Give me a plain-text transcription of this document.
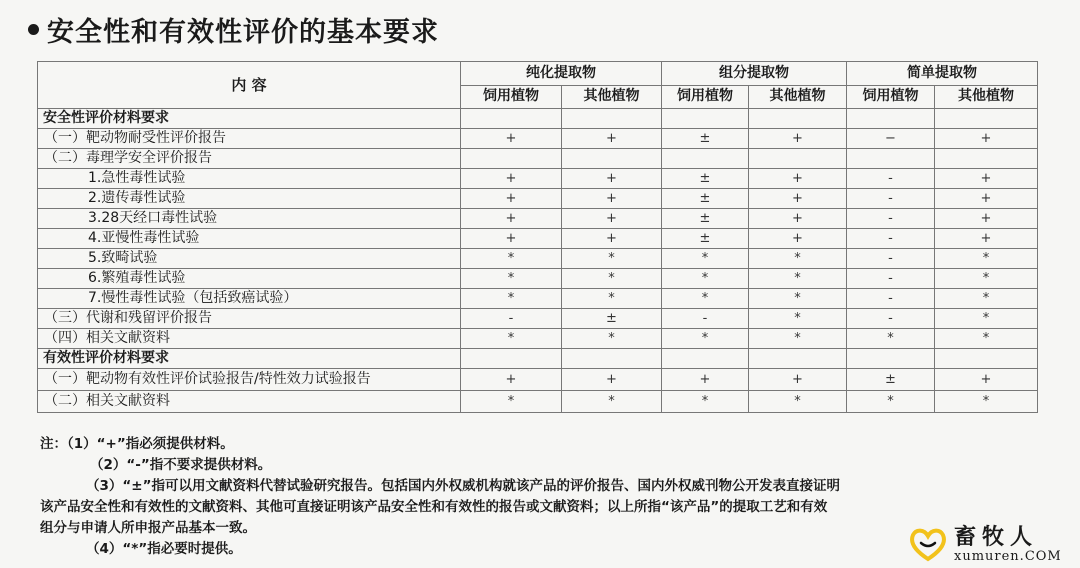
安全性和有效性评价的基本要求
内 容	纯化提取物		组分提取物		简单提取物	
	饲用植物	其他植物	饲用植物	其他植物	饲用植物	其他植物
安全性评价材料要求						
（一）靶动物耐受性评价报告	+	+	±	+	−	+
（二）毒理学安全评价报告						
1.急性毒性试验	+	+	±	+	-	+
2.遗传毒性试验	+	+	±	+	-	+
3.28天经口毒性试验	+	+	±	+	-	+
4.亚慢性毒性试验	+	+	±	+	-	+
5.致畸试验	*	*	*	*	-	*
6.繁殖毒性试验	*	*	*	*	-	*
7.慢性毒性试验（包括致癌试验）	*	*	*	*	-	*
（三）代谢和残留评价报告	-	±	-	*	-	*
（四）相关文献资料	*	*	*	*	*	*
有效性评价材料要求						
（一）靶动物有效性评价试验报告/特性效力试验报告	+	+	+	+	±	+
（二）相关文献资料	*	*	*	*	*	*
注：（1）“+”指必须提供材料。
（2）“-”指不要求提供材料。
（3）“±”指可以用文献资料代替试验研究报告。包括国内外权威机构就该产品的评价报告、国内外权威刊物公开发表直接证明
该产品安全性和有效性的文献资料、其他可直接证明该产品安全性和有效性的报告或文献资料；以上所指“该产品”的提取工艺和有效
组分与申请人所申报产品基本一致。
（4）“*”指必要时提供。	畜牧人
xumuren.COM
